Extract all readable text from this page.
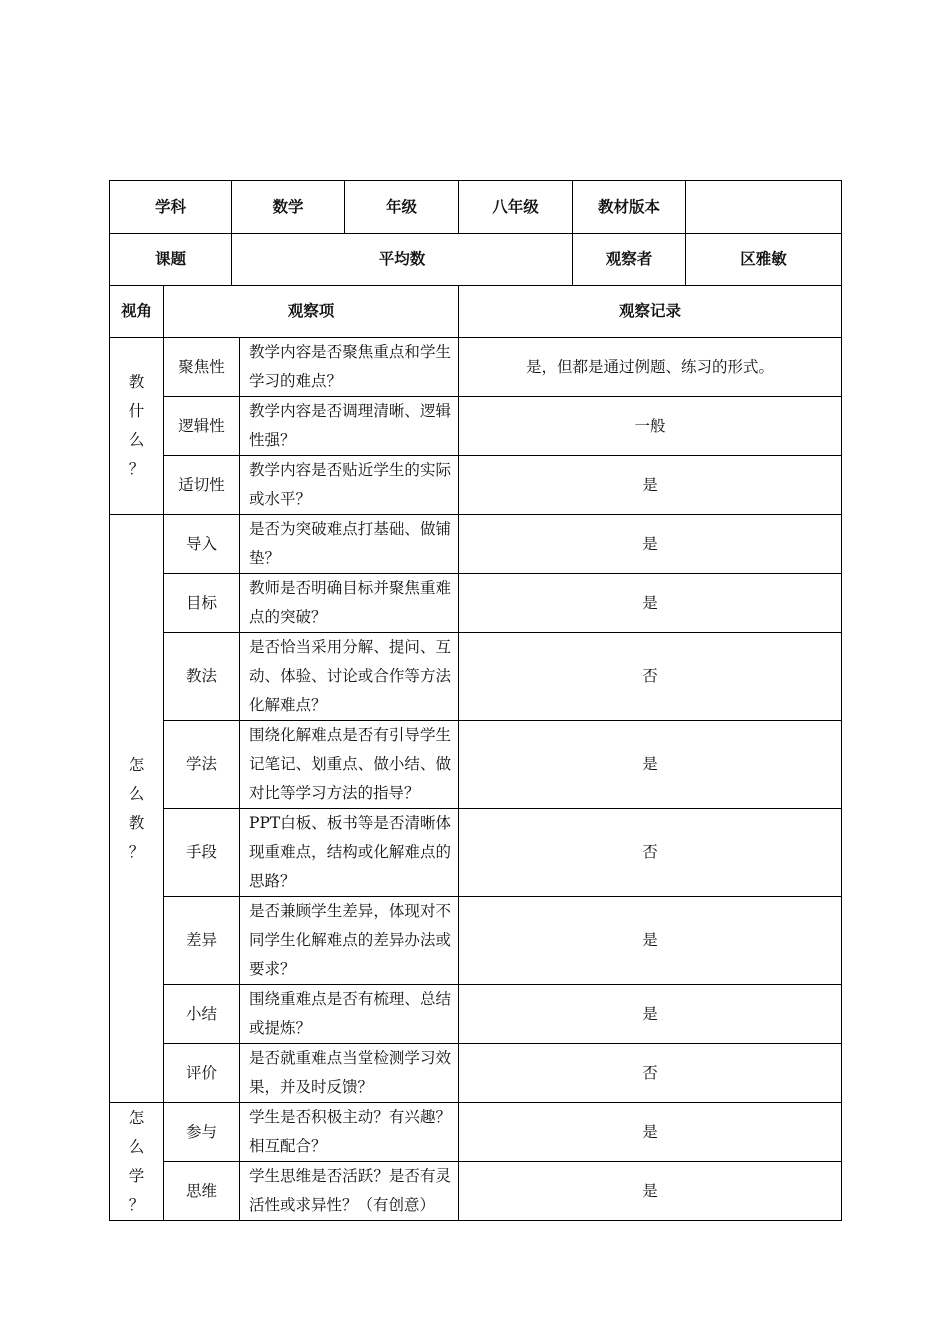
学科		数学		年级	八年级	教材版本	
课题		平均数				观察者	区雅敏
视角	观察项				观察记录		

教
什
么
？	聚焦性		教学内容是否聚焦重点和学生学习的难点？		是，但都是通过例题、练习的形式。		
	逻辑性		教学内容是否调理清晰、逻辑性强？		一般		
	适切性		教学内容是否贴近学生的实际或水平？		是		

怎
么
教
？	导入		是否为突破难点打基础、做铺垫？		是		
	目标		教师是否明确目标并聚焦重难点的突破？		是		
	教法		是否恰当采用分解、提问、互动、体验、讨论或合作等方法化解难点？		否		
	学法		围绕化解难点是否有引导学生记笔记、划重点、做小结、做对比等学习方法的指导？		是		
	手段		PPT白板、板书等是否清晰体现重难点，结构或化解难点的思路？		否		
	差异		是否兼顾学生差异，体现对不同学生化解难点的差异办法或要求？		是		
	小结		围绕重难点是否有梳理、总结或提炼？		是		
	评价		是否就重难点当堂检测学习效果，并及时反馈？		否		

怎
么
学
？	参与		学生是否积极主动？有兴趣？相互配合？		是		
	思维		学生思维是否活跃？是否有灵活性或求异性？（有创意）		是		
